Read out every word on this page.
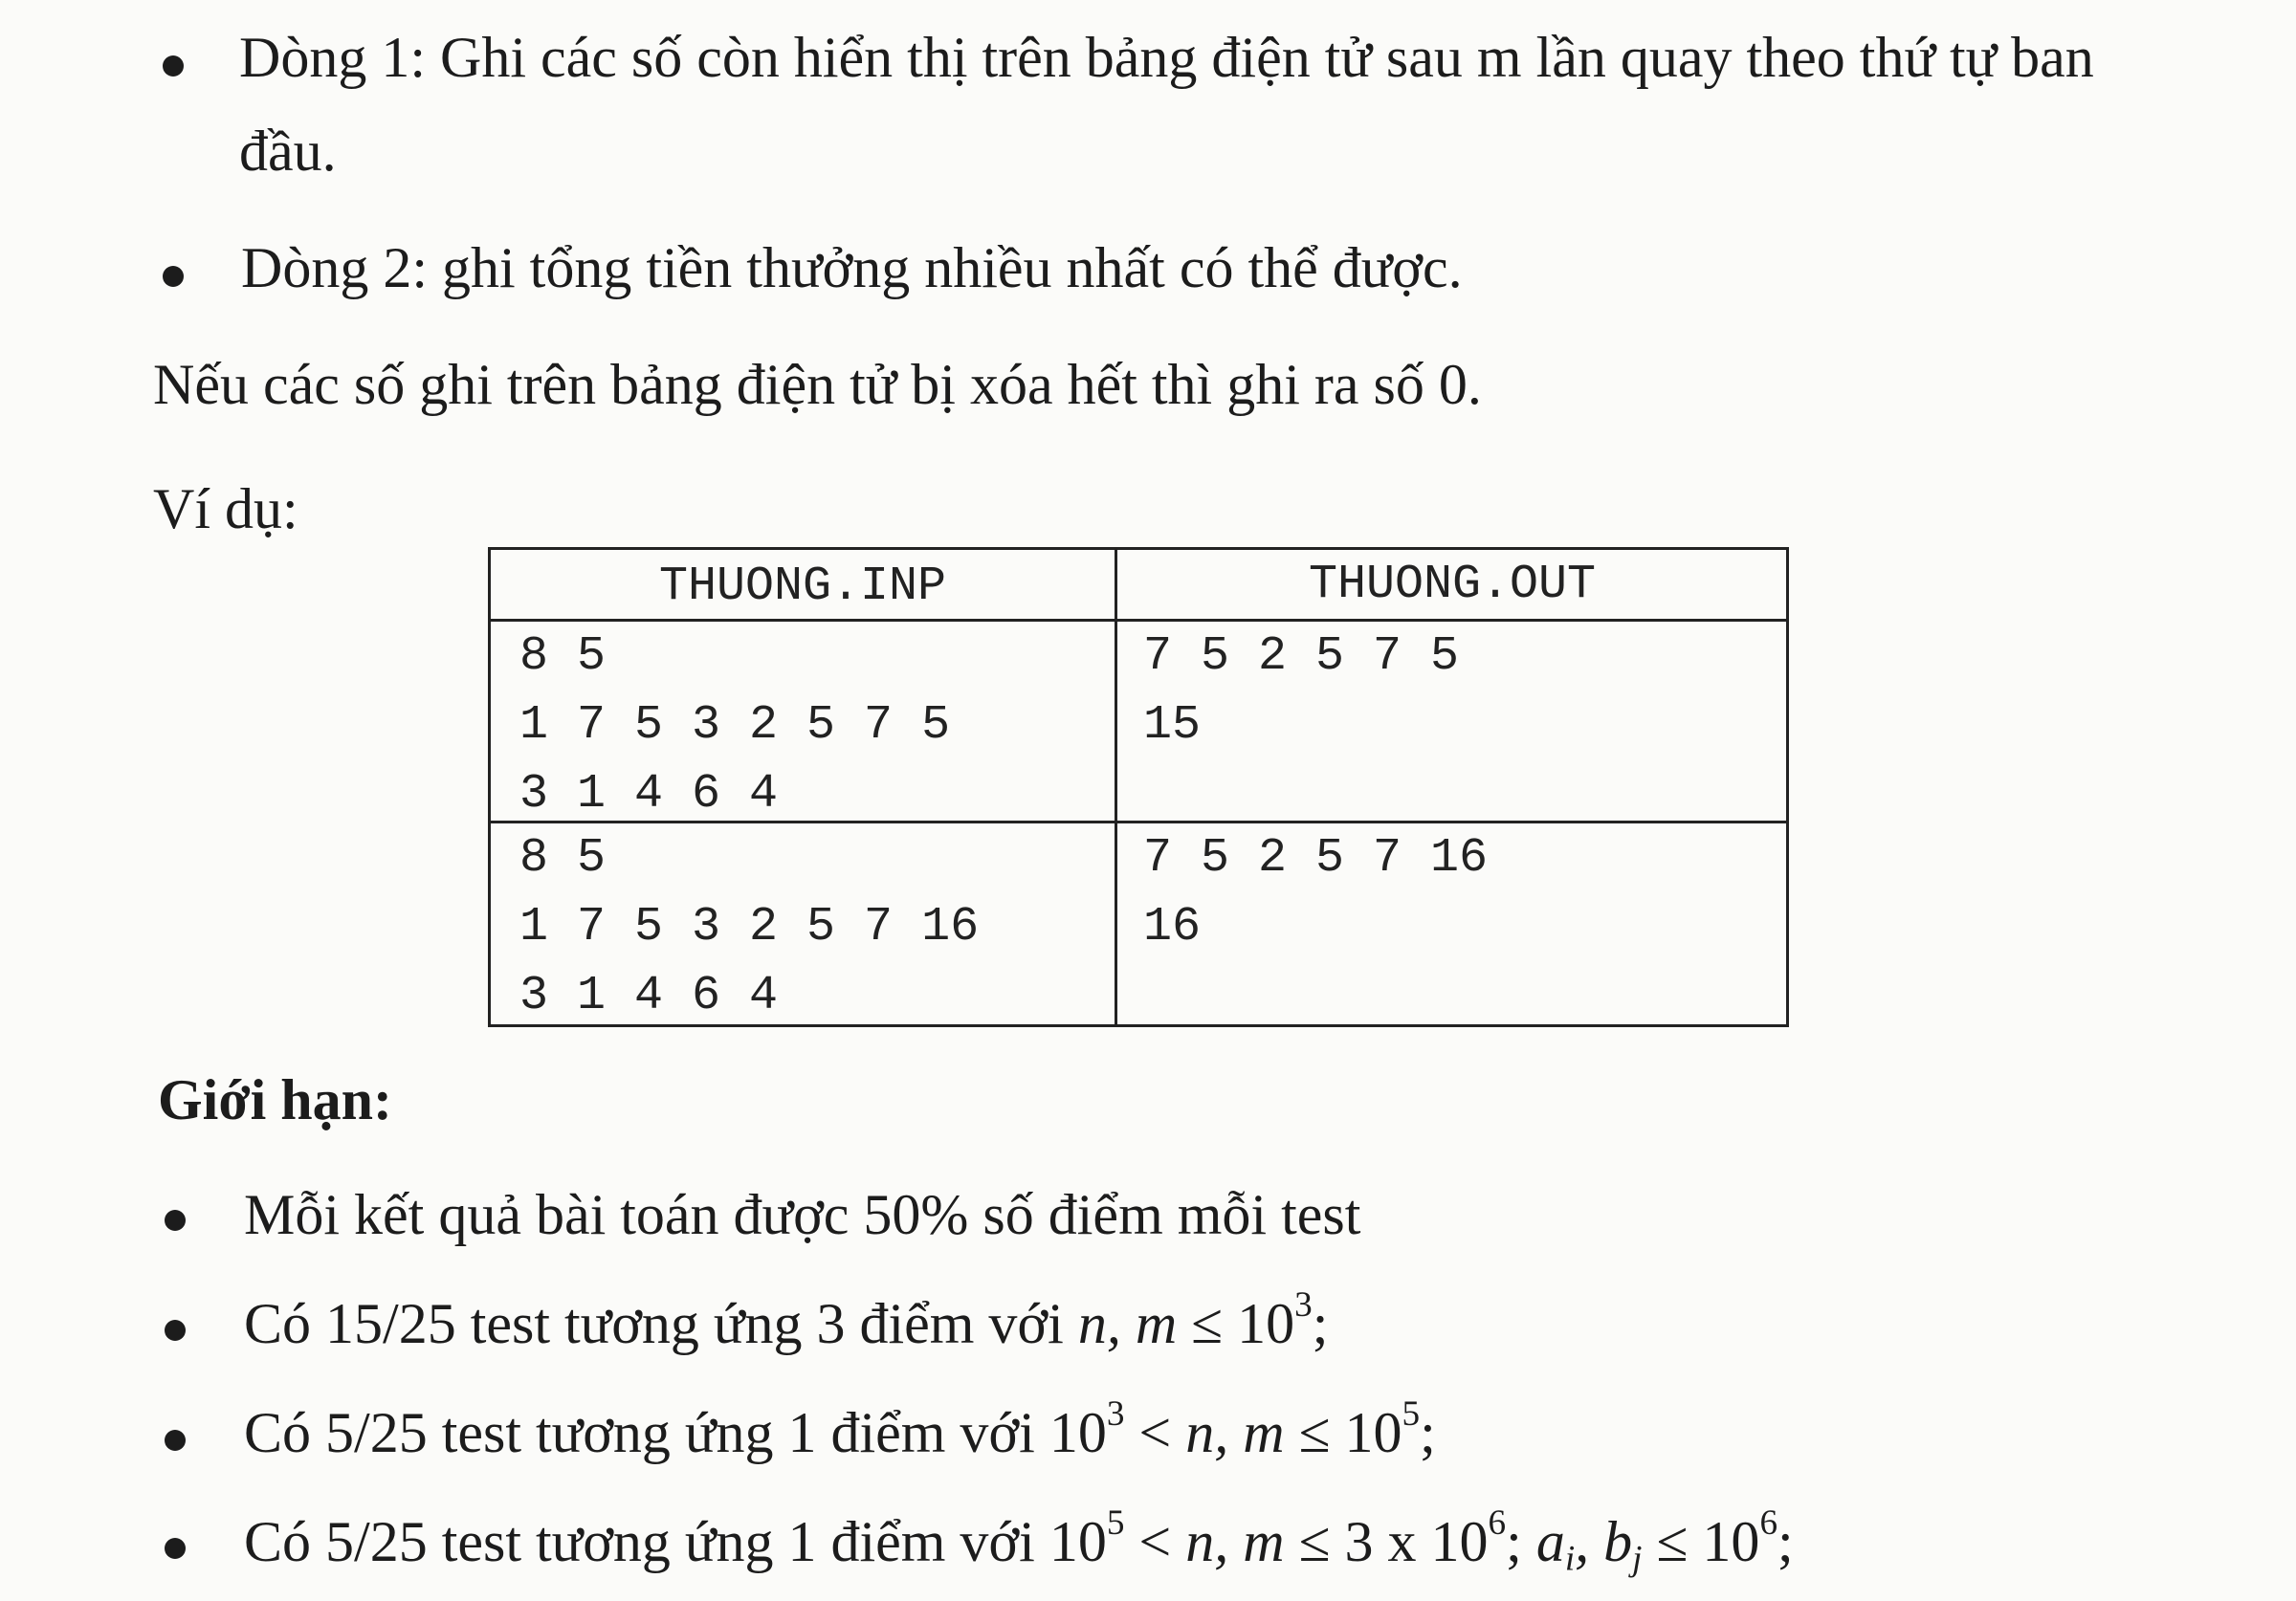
Dòng 1: Ghi các số còn hiển thị trên bảng điện tử sau m lần quay theo thứ tự ban
đầu.
Dòng 2: ghi tổng tiền thưởng nhiều nhất có thể được.
Nếu các số ghi trên bảng điện tử bị xóa hết thì ghi ra số 0.
Ví dụ:
THUONG.INP	THUONG.OUT
8 5
1 7 5 3 2 5 7 5
3 1 4 6 4
7 5 2 5 7 5
15
8 5
1 7 5 3 2 5 7 16
3 1 4 6 4
7 5 2 5 7 16
16
Giới hạn:
Mỗi kết quả bài toán được 50% số điểm mỗi test
Có 15/25 test tương ứng 3 điểm với n, $m \le 10^3$;
Có 5/25 test tương ứng 1 điểm với $10^3 < n$, $m \le 10^5$;
Có 5/25 test tương ứng 1 điểm với $10^5 < n$, m ≤ 3 x $10^6$; $a_i$, $b_j \le 10^6$;
